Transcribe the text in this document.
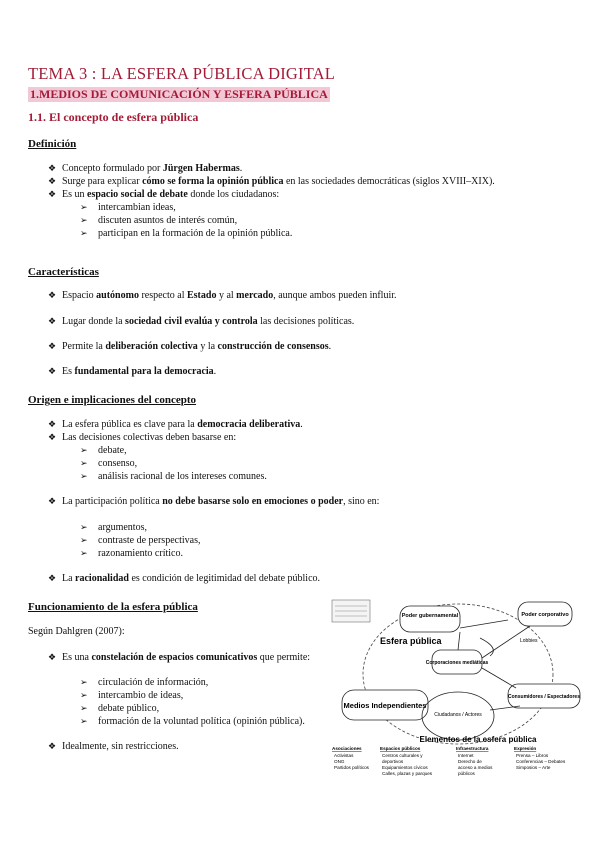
TEMA 3 : LA ESFERA PÚBLICA DIGITAL
1.MEDIOS DE COMUNICACIÓN Y ESFERA PÚBLICA
1.1. El concepto de esfera pública
Definición
❖ Concepto formulado por Jürgen Habermas.
❖ Surge para explicar cómo se forma la opinión pública en las sociedades democráticas (siglos XVIII–XIX).
❖ Es un espacio social de debate donde los ciudadanos:
➢ intercambian ideas,
➢ discuten asuntos de interés común,
➢ participan en la formación de la opinión pública.
Características
❖ Espacio autónomo respecto al Estado y al mercado, aunque ambos pueden influir.
❖ Lugar donde la sociedad civil evalúa y controla las decisiones políticas.
❖ Permite la deliberación colectiva y la construcción de consensos.
❖ Es fundamental para la democracia.
Origen e implicaciones del concepto
❖ La esfera pública es clave para la democracia deliberativa.
❖ Las decisiones colectivas deben basarse en:
➢ debate,
➢ consenso,
➢ análisis racional de los intereses comunes.
❖ La participación política no debe basarse solo en emociones o poder, sino en:
➢ argumentos,
➢ contraste de perspectivas,
➢ razonamiento crítico.
❖ La racionalidad es condición de legitimidad del debate público.
Funcionamiento de la esfera pública
Según Dahlgren (2007):
❖ Es una constelación de espacios comunicativos que permite:
➢ circulación de información,
➢ intercambio de ideas,
➢ debate público,
➢ formación de la voluntad política (opinión pública).
❖ Idealmente, sin restricciones.
Poder gubernamental	Poder corporativo
Esfera pública	Lobbies
Corporaciones mediáticas
Medios Independientes
Ciudadanos / Actores
Consumidores / Espectadores
Elementos de la esfera pública
Asociaciones
Activistas
ONG
Partidos políticos
Espacios públicos
Centros culturales y
deportivos
Equipamientos cívicos
Calles, plazas y parques
Infraestructura
Internet
Derecho de
acceso a medios
públicos
Expresión
Prensa – Libros
Conferencias – Debates
Simposios – Arte
